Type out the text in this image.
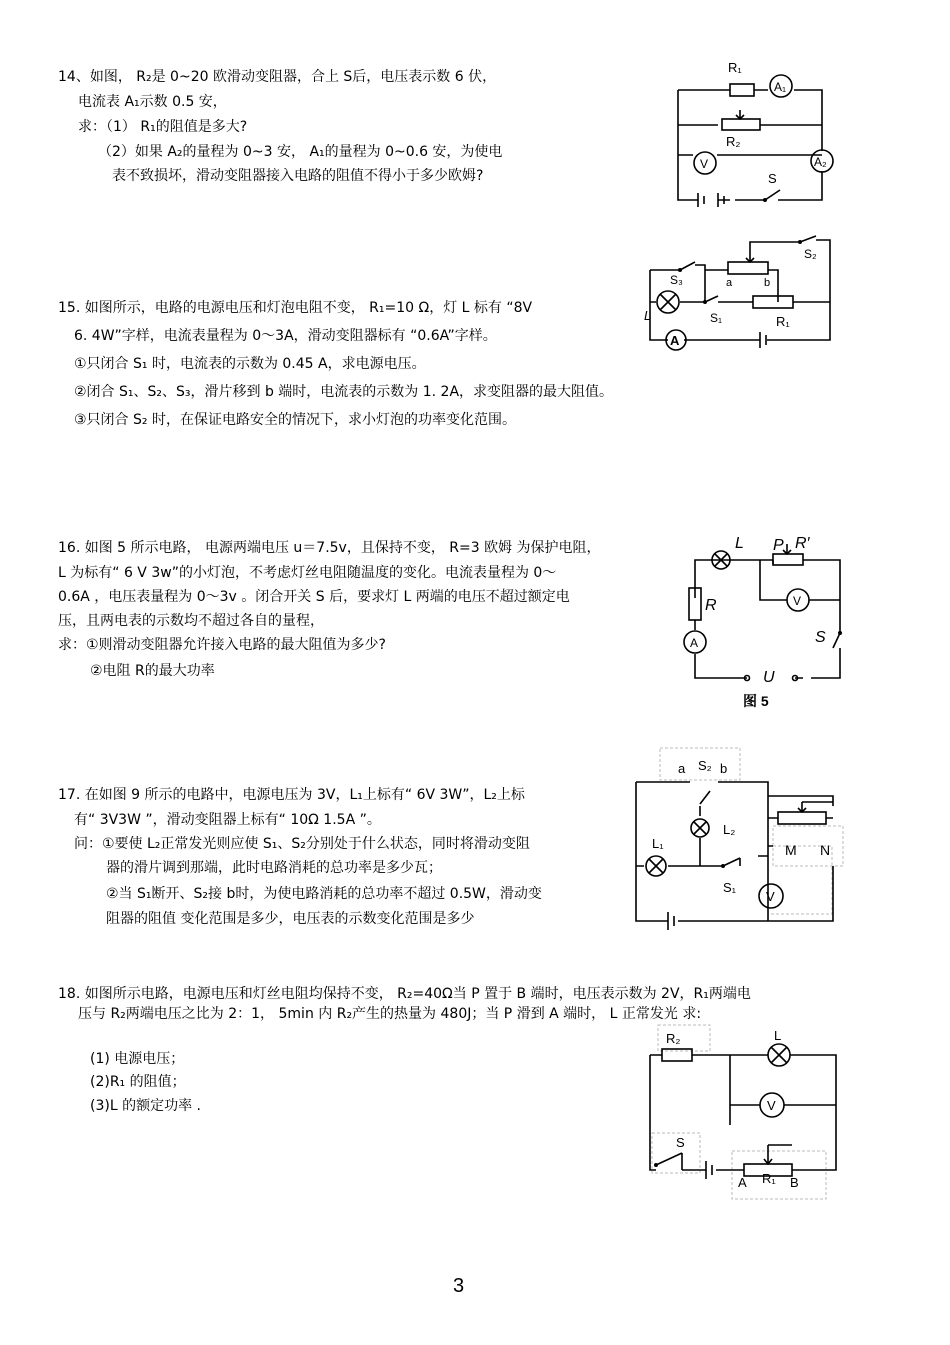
14、如图， R₂是 0~20 欧滑动变阻器，合上 S后，电压表示数 6 伏，
电流表 A₁示数 0.5 安，
求：（1） R₁的阻值是多大?
（2）如果 A₂的量程为 0~3 安， A₁的量程为 0~0.6 安，为使电
表不致损坏，滑动变阻器接入电路的阻值不得小于多少欧姆?
R₁
A₁
R₂
V	A₂
S
15. 如图所示，电路的电源电压和灯泡电阻不变， R₁=10 Ω，灯 L 标有 “8V
6. 4W”字样，电流表量程为 0～3A，滑动变阻器标有 “0.6A”字样。
①只闭合 S₁ 时，电流表的示数为 0.45 A，求电源电压。
②闭合 S₁、S₂、S₃，滑片移到 b 端时，电流表的示数为 1. 2A，求变阻器的最大阻值。
③只闭合 S₂ 时，在保证电路安全的情况下，求小灯泡的功率变化范围。
S₃	a	b
S₂
L	S₁	R₁
A
16. 如图 5 所示电路， 电源两端电压 u＝7.5v，且保持不变， R=3 欧姆 为保护电阻，
L 为标有“ 6 V 3w”的小灯泡，不考虑灯丝电阻随温度的变化。电流表量程为 0～
0.6A ，电压表量程为 0～3v 。闭合开关 S 后，要求灯 L 两端的电压不超过额定电
压，且两电表的示数均不超过各自的量程，
求：①则滑动变阻器允许接入电路的最大阻值为多少?
②电阻 R的最大功率
L P R′
R
A
V
S
U
图 5
17. 在如图 9 所示的电路中，电源电压为 3V，L₁上标有“ 6V 3W”，L₂上标
有“ 3V3W ”，滑动变阻器上标有“ 10Ω 1.5A ”。
问：①要使 L₂正常发光则应使 S₁、S₂分别处于什么状态，同时将滑动变阻
器的滑片调到那端，此时电路消耗的总功率是多少瓦；
②当 S₁断开、S₂接 b时，为使电路消耗的总功率不超过 0.5W，滑动变
阻器的阻值 变化范围是多少，电压表的示数变化范围是多少
a S₂ b
L₂
L₁
S₁
M N
V
18. 如图所示电路，电源电压和灯丝电阻均保持不变， R₂=40Ω当 P 置于 B 端时，电压表示数为 2V，R₁两端电
压与 R₂两端电压之比为 2：1， 5min 内 R₂产生的热量为 480J；当 P 滑到 A 端时， L 正常发光 求:
(1) 电源电压；
(2)R₁ 的阻值；
(3)L 的额定功率 .
R₂	L
V
S
A R₁ B
3
